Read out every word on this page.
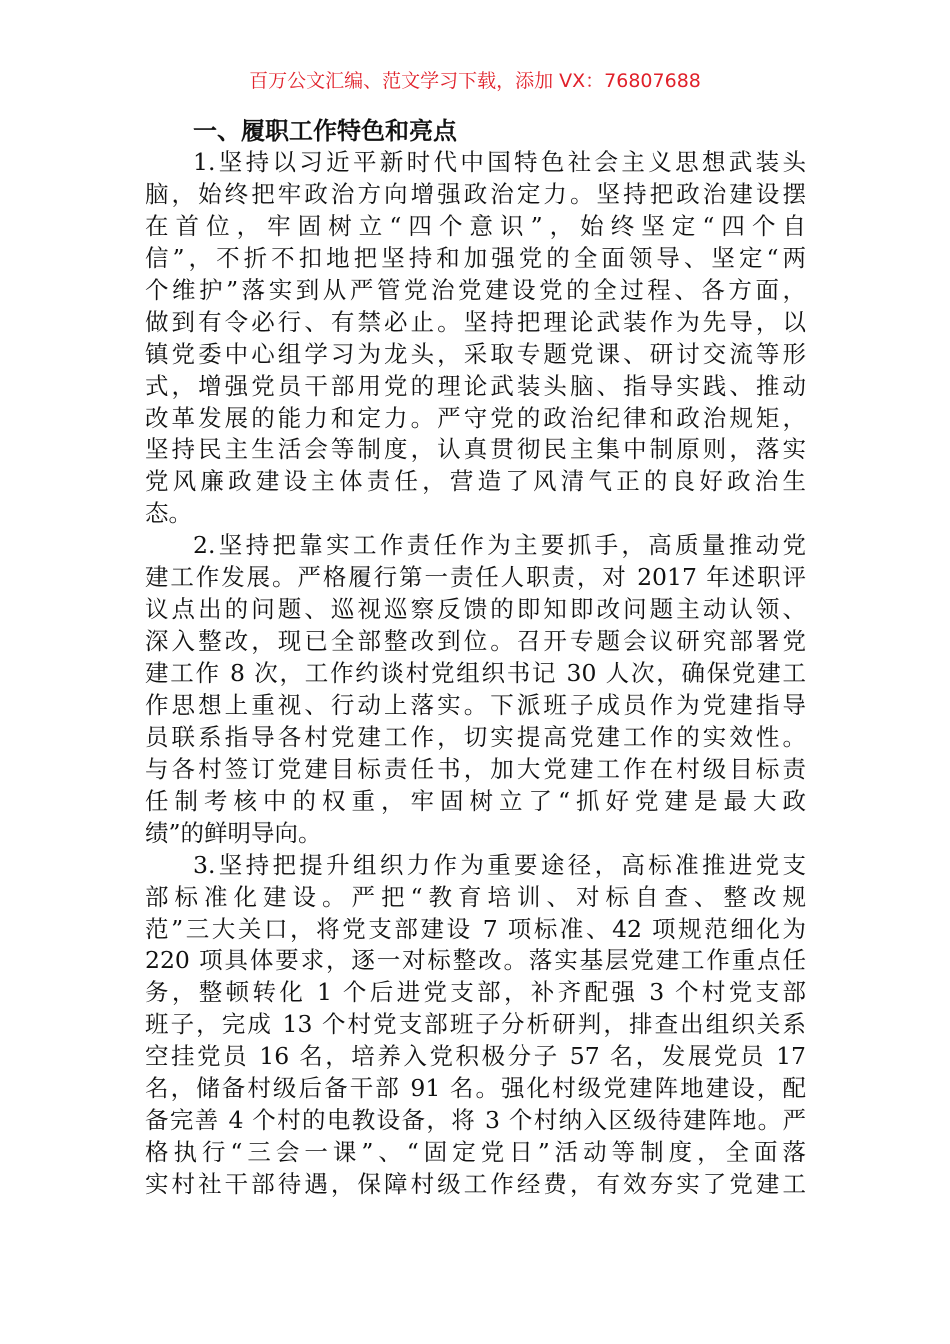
百万公文汇编、范文学习下载，添加 VX：76807688
一、履职工作特色和亮点
1.坚持以习近平新时代中国特色社会主义思想武装头
脑，始终把牢政治方向增强政治定力。坚持把政治建设摆
在首位，牢固树立“四个意识”，始终坚定“四个自
信”，不折不扣地把坚持和加强党的全面领导、坚定“两
个维护”落实到从严管党治党建设党的全过程、各方面，
做到有令必行、有禁必止。坚持把理论武装作为先导，以
镇党委中心组学习为龙头，采取专题党课、研讨交流等形
式，增强党员干部用党的理论武装头脑、指导实践、推动
改革发展的能力和定力。严守党的政治纪律和政治规矩，
坚持民主生活会等制度，认真贯彻民主集中制原则，落实
党风廉政建设主体责任，营造了风清气正的良好政治生
态。
2.坚持把靠实工作责任作为主要抓手，高质量推动党
建工作发展。严格履行第一责任人职责，对 2017 年述职评
议点出的问题、巡视巡察反馈的即知即改问题主动认领、
深入整改，现已全部整改到位。召开专题会议研究部署党
建工作 8 次，工作约谈村党组织书记 30 人次，确保党建工
作思想上重视、行动上落实。下派班子成员作为党建指导
员联系指导各村党建工作，切实提高党建工作的实效性。
与各村签订党建目标责任书，加大党建工作在村级目标责
任制考核中的权重，牢固树立了“抓好党建是最大政
绩”的鲜明导向。
3.坚持把提升组织力作为重要途径，高标准推进党支
部标准化建设。严把“教育培训、对标自查、整改规
范”三大关口，将党支部建设 7 项标准、42 项规范细化为
220 项具体要求，逐一对标整改。落实基层党建工作重点任
务，整顿转化 1 个后进党支部，补齐配强 3 个村党支部
班子，完成 13 个村党支部班子分析研判，排查出组织关系
空挂党员 16 名，培养入党积极分子 57 名，发展党员 17
名，储备村级后备干部 91 名。强化村级党建阵地建设，配
备完善 4 个村的电教设备，将 3 个村纳入区级待建阵地。严
格执行“三会一课”、“固定党日”活动等制度，全面落
实村社干部待遇，保障村级工作经费，有效夯实了党建工
